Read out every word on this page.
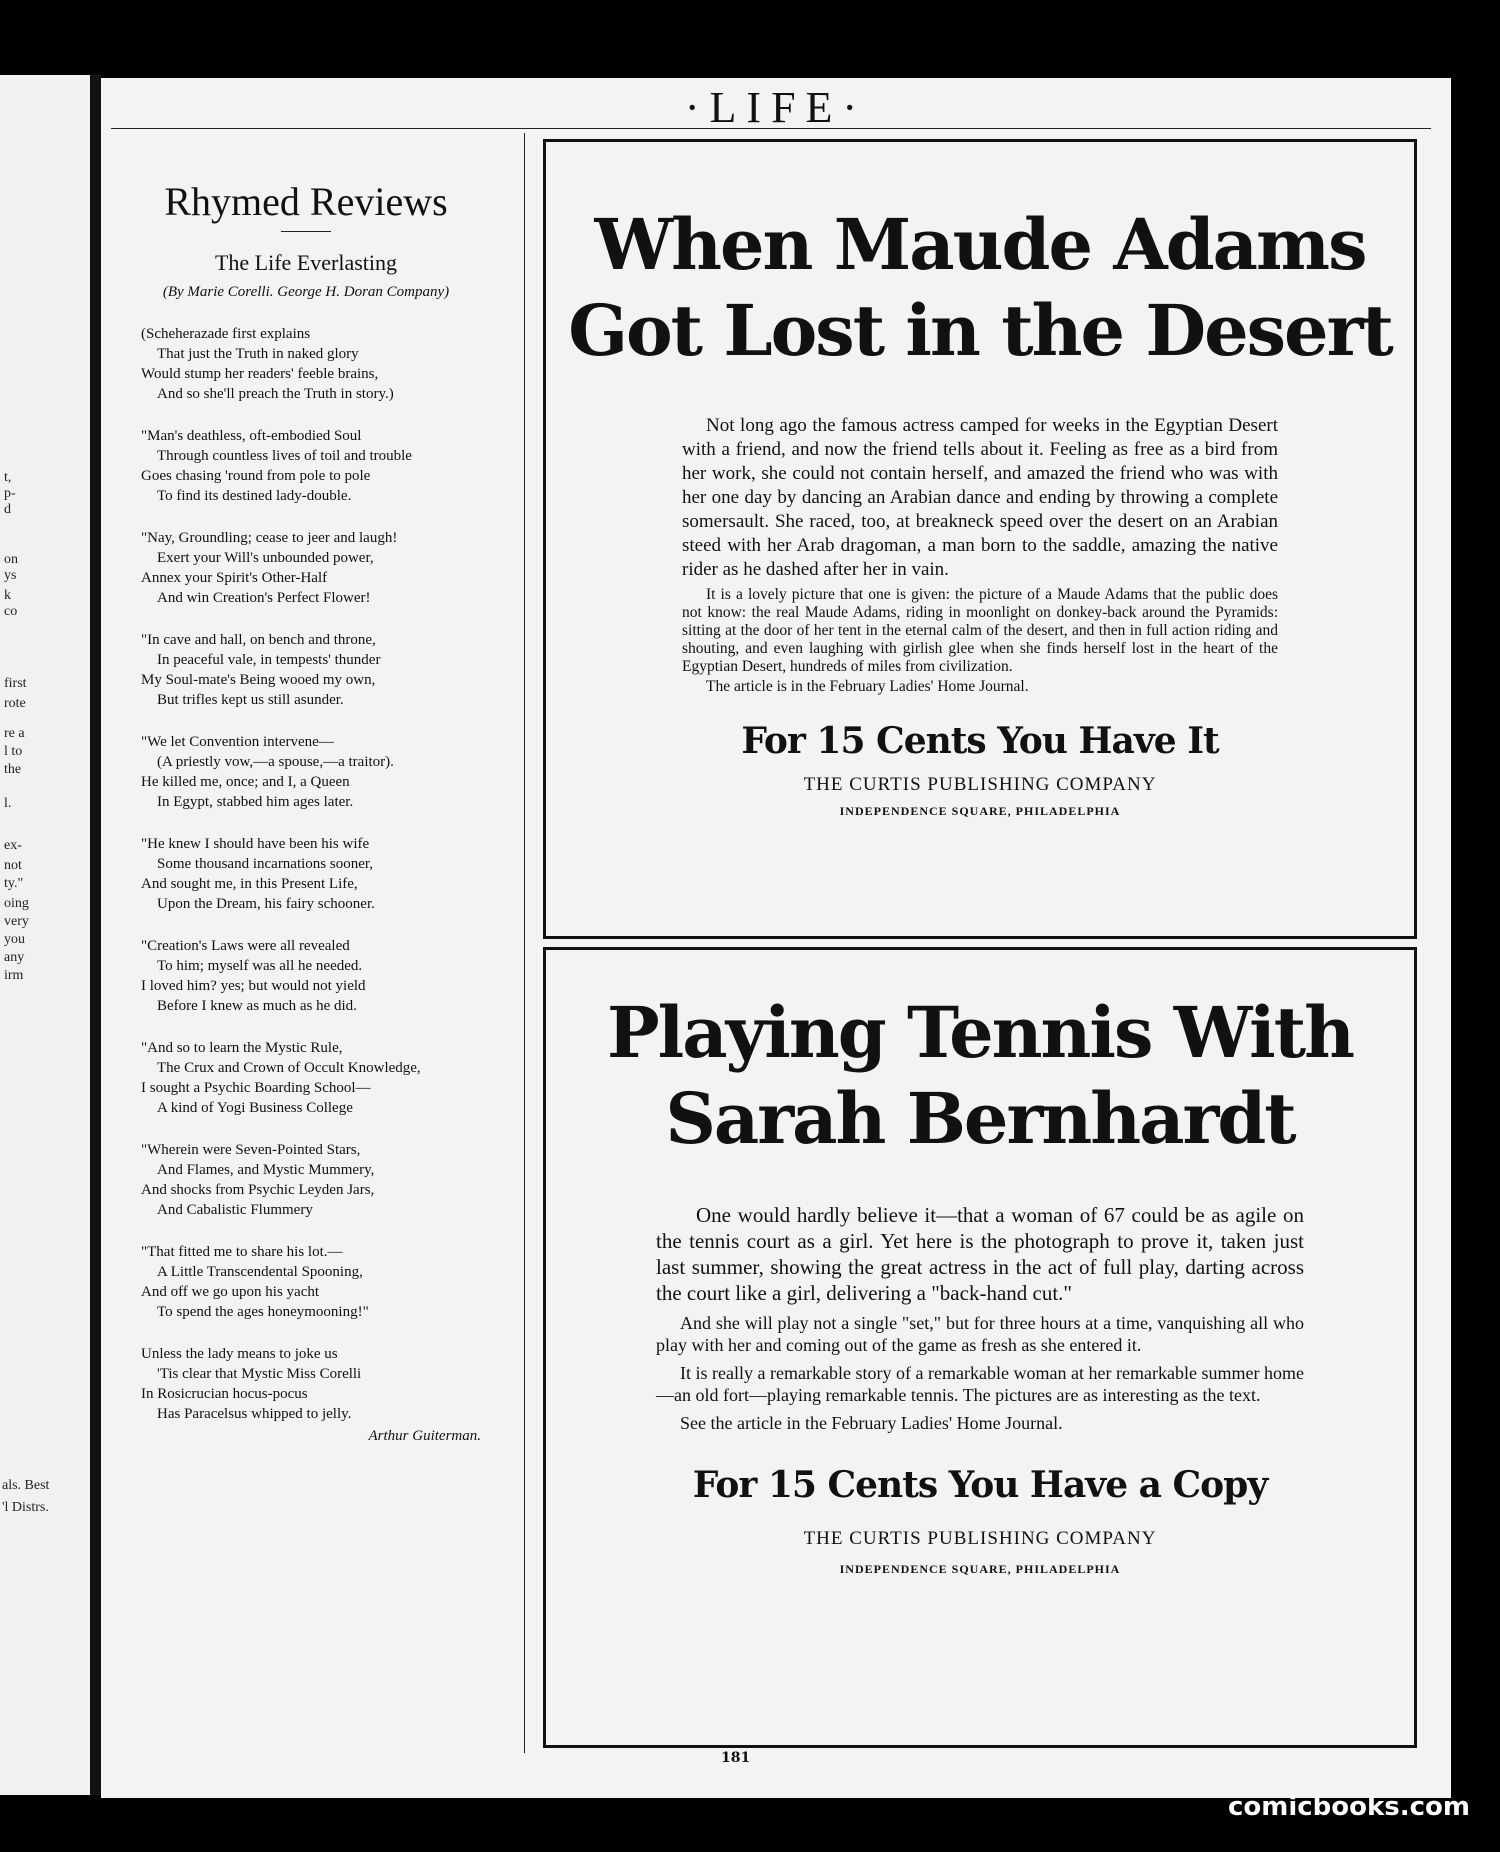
·LIFE·
Rhymed Reviews
The Life Everlasting
(By Marie Corelli. George H. Doran Company)
(Scheherazade first explains
That just the Truth in naked glory
Would stump her readers' feeble brains,
And so she'll preach the Truth in story.)
"Man's deathless, oft-embodied Soul
Through countless lives of toil and trouble
Goes chasing 'round from pole to pole
To find its destined lady-double.
"Nay, Groundling; cease to jeer and laugh!
Exert your Will's unbounded power,
Annex your Spirit's Other-Half
And win Creation's Perfect Flower!
"In cave and hall, on bench and throne,
In peaceful vale, in tempests' thunder
My Soul-mate's Being wooed my own,
But trifles kept us still asunder.
"We let Convention intervene—
(A priestly vow,—a spouse,—a traitor).
He killed me, once; and I, a Queen
In Egypt, stabbed him ages later.
"He knew I should have been his wife
Some thousand incarnations sooner,
And sought me, in this Present Life,
Upon the Dream, his fairy schooner.
"Creation's Laws were all revealed
To him; myself was all he needed.
I loved him? yes; but would not yield
Before I knew as much as he did.
"And so to learn the Mystic Rule,
The Crux and Crown of Occult Knowledge,
I sought a Psychic Boarding School—
A kind of Yogi Business College
"Wherein were Seven-Pointed Stars,
And Flames, and Mystic Mummery,
And shocks from Psychic Leyden Jars,
And Cabalistic Flummery
"That fitted me to share his lot.—
A Little Transcendental Spooning,
And off we go upon his yacht
To spend the ages honeymooning!"
Unless the lady means to joke us
'Tis clear that Mystic Miss Corelli
In Rosicrucian hocus-pocus
Has Paracelsus whipped to jelly.
Arthur Guiterman.
When Maude Adams
Got Lost in the Desert
Not long ago the famous actress camped for weeks in the Egyptian Desert with a friend, and now the friend tells about it. Feeling as free as a bird from her work, she could not contain herself, and amazed the friend who was with her one day by dancing an Arabian dance and ending by throwing a complete somersault. She raced, too, at breakneck speed over the desert on an Arabian steed with her Arab dragoman, a man born to the saddle, amazing the native rider as he dashed after her in vain.
It is a lovely picture that one is given: the picture of a Maude Adams that the public does not know: the real Maude Adams, riding in moonlight on donkey-back around the Pyramids: sitting at the door of her tent in the eternal calm of the desert, and then in full action riding and shouting, and even laughing with girlish glee when she finds herself lost in the heart of the Egyptian Desert, hundreds of miles from civilization.
The article is in the February Ladies' Home Journal.
For 15 Cents You Have It
THE CURTIS PUBLISHING COMPANY
INDEPENDENCE SQUARE, PHILADELPHIA
Playing Tennis With
Sarah Bernhardt
One would hardly believe it—that a woman of 67 could be as agile on the tennis court as a girl. Yet here is the photograph to prove it, taken just last summer, showing the great actress in the act of full play, darting across the court like a girl, delivering a "back-hand cut."
And she will play not a single "set," but for three hours at a time, vanquishing all who play with her and coming out of the game as fresh as she entered it.
It is really a remarkable story of a remarkable woman at her remarkable summer home—an old fort—playing remarkable tennis. The pictures are as interesting as the text.
See the article in the February Ladies' Home Journal.
For 15 Cents You Have a Copy
THE CURTIS PUBLISHING COMPANY
INDEPENDENCE SQUARE, PHILADELPHIA
181
t,
p-
d
on
ys
k
co
first
rote
re a
l to
the
l.
ex-
not
ty."
oing
very
you
any
irm
als. Best
'l Distrs.
comicbooks.com
